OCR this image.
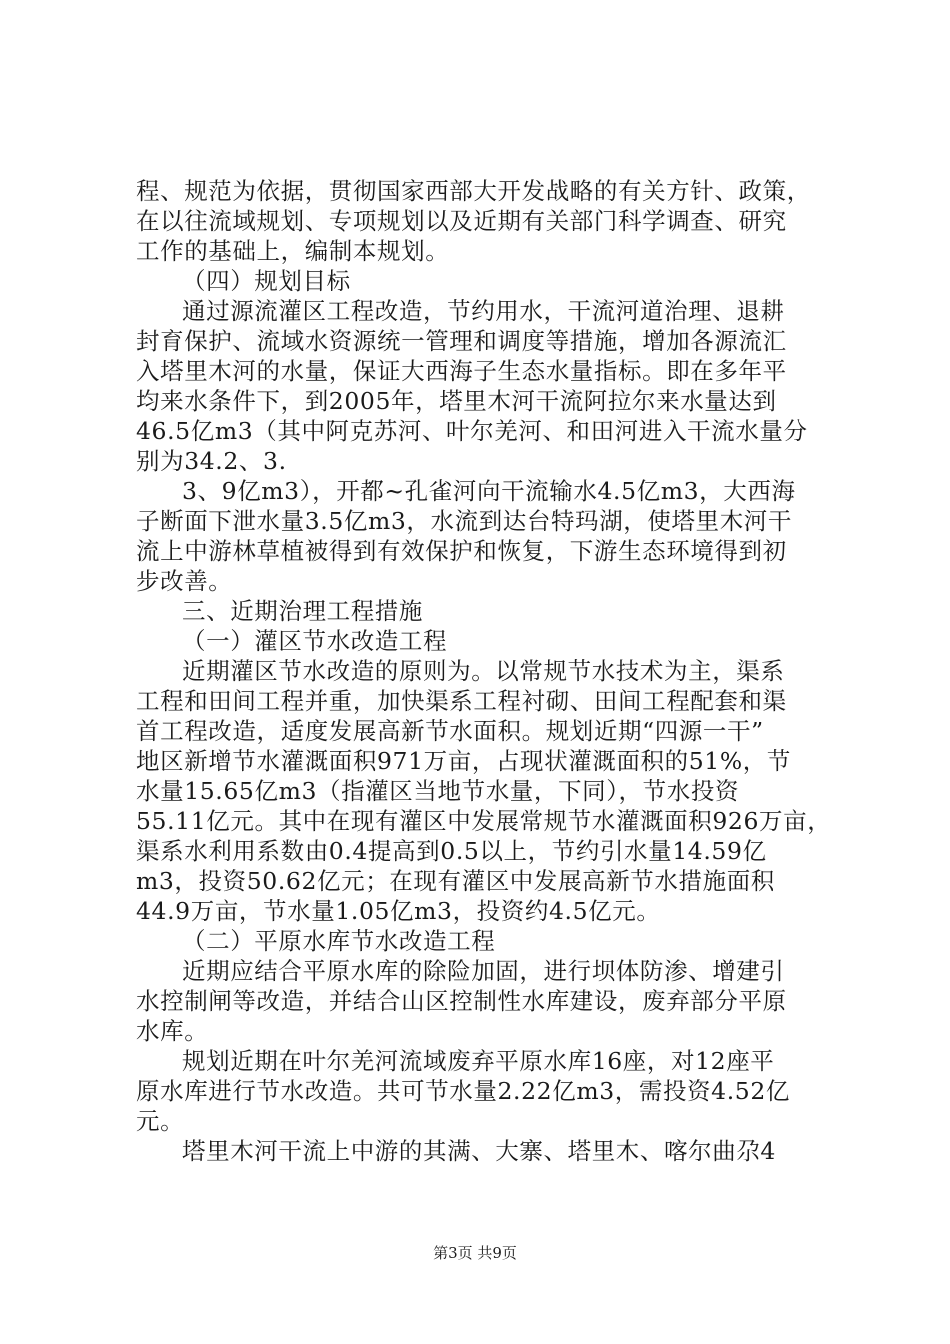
程、规范为依据，贯彻国家西部大开发战略的有关方针、政策，
在以往流域规划、专项规划以及近期有关部门科学调查、研究
工作的基础上，编制本规划。
（四）规划目标
通过源流灌区工程改造，节约用水，干流河道治理、退耕
封育保护、流域水资源统一管理和调度等措施，增加各源流汇
入塔里木河的水量，保证大西海子生态水量指标。即在多年平
均来水条件下，到2005年，塔里木河干流阿拉尔来水量达到
46.5亿m3（其中阿克苏河、叶尔羌河、和田河进入干流水量分
别为34.2、3.
3、9亿m3），开都~孔雀河向干流输水4.5亿m3，大西海
子断面下泄水量3.5亿m3，水流到达台特玛湖，使塔里木河干
流上中游林草植被得到有效保护和恢复，下游生态环境得到初
步改善。
三、近期治理工程措施
（一）灌区节水改造工程
近期灌区节水改造的原则为。以常规节水技术为主，渠系
工程和田间工程并重，加快渠系工程衬砌、田间工程配套和渠
首工程改造，适度发展高新节水面积。规划近期“四源一干”
地区新增节水灌溉面积971万亩，占现状灌溉面积的51%，节
水量15.65亿m3（指灌区当地节水量，下同），节水投资
55.11亿元。其中在现有灌区中发展常规节水灌溉面积926万亩，
渠系水利用系数由0.4提高到0.5以上，节约引水量14.59亿
m3，投资50.62亿元；在现有灌区中发展高新节水措施面积
44.9万亩，节水量1.05亿m3，投资约4.5亿元。
（二）平原水库节水改造工程
近期应结合平原水库的除险加固，进行坝体防渗、增建引
水控制闸等改造，并结合山区控制性水库建设，废弃部分平原
水库。
规划近期在叶尔羌河流域废弃平原水库16座，对12座平
原水库进行节水改造。共可节水量2.22亿m3，需投资4.52亿
元。
塔里木河干流上中游的其满、大寨、塔里木、喀尔曲尕4
第3页 共9页
